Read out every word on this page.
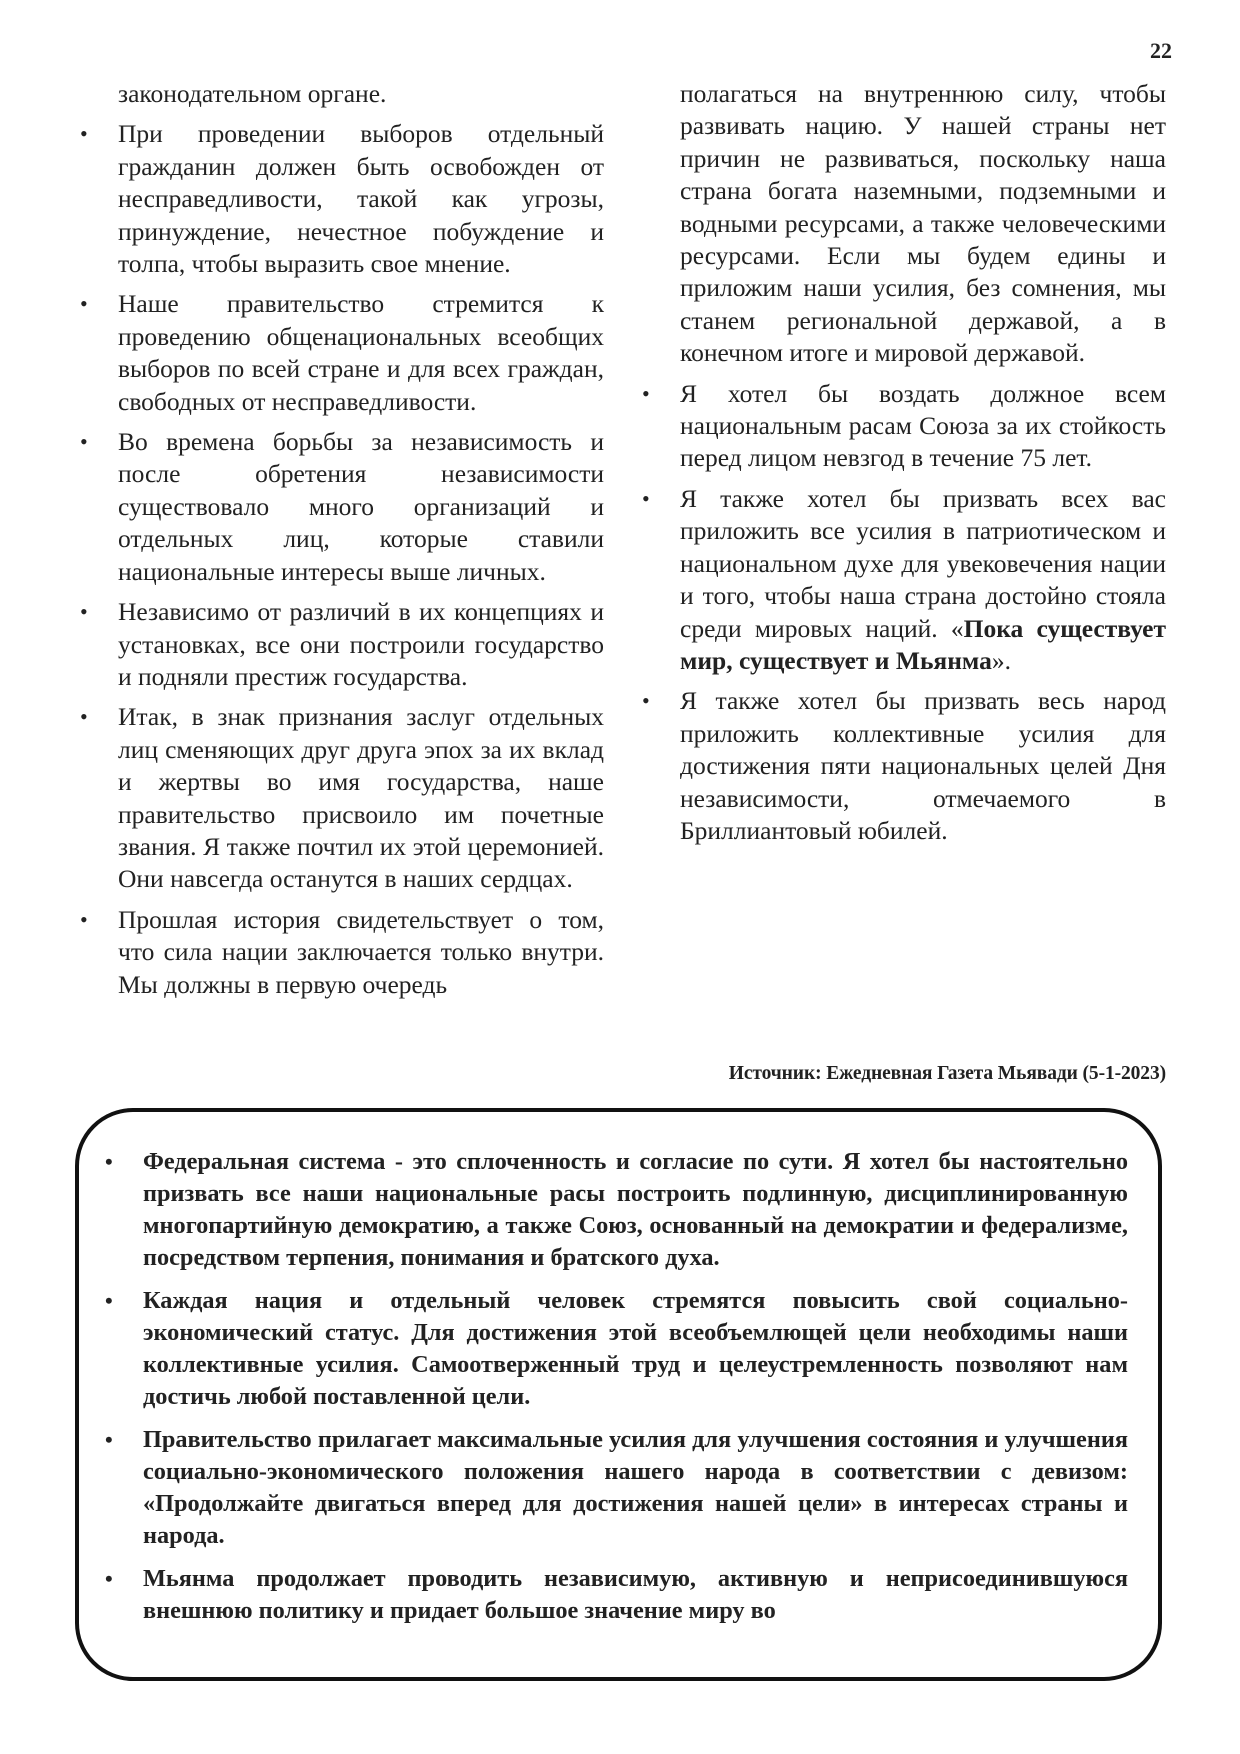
22

законодательном органе.

• При проведении выборов отдельный гражданин должен быть освобожден от несправедливости, такой как угрозы, принуждение, нечестное побуждение и толпа, чтобы выразить свое мнение.
• Наше правительство стремится к проведению общенациональных всеобщих выборов по всей стране и для всех граждан, свободных от несправедливости.
• Во времена борьбы за независимость и после обретения независимости существовало много организаций и отдельных лиц, которые ставили национальные интересы выше личных.
• Независимо от различий в их концепциях и установках, все они построили государство и подняли престиж государства.
• Итак, в знак признания заслуг отдельных лиц сменяющих друг друга эпох за их вклад и жертвы во имя государства, наше правительство присвоило им почетные звания. Я также почтил их этой церемонией. Они навсегда останутся в наших сердцах.
• Прошлая история свидетельствует о том, что сила нации заключается только внутри. Мы должны в первую очередь

полагаться на внутреннюю силу, чтобы развивать нацию. У нашей страны нет причин не развиваться, поскольку наша страна богата наземными, подземными и водными ресурсами, а также человеческими ресурсами. Если мы будем едины и приложим наши усилия, без сомнения, мы станем региональной державой, а в конечном итоге и мировой державой.

• Я хотел бы воздать должное всем национальным расам Союза за их стойкость перед лицом невзгод в течение 75 лет.
• Я также хотел бы призвать всех вас приложить все усилия в патриотическом и национальном духе для увековечения нации и того, чтобы наша страна достойно стояла среди мировых наций. «Пока существует мир, существует и Мьянма».
• Я также хотел бы призвать весь народ приложить коллективные усилия для достижения пяти национальных целей Дня независимости, отмечаемого в Бриллиантовый юбилей.
Источник: Ежедневная Газета Мьявади (5-1-2023)
• Федеральная система - это сплоченность и согласие по сути. Я хотел бы настоятельно призвать все наши национальные расы построить подлинную, дисциплинированную многопартийную демократию, а также Союз, основанный на демократии и федерализме, посредством терпения, понимания и братского духа.
• Каждая нация и отдельный человек стремятся повысить свой социально-экономический статус. Для достижения этой всеобъемлющей цели необходимы наши коллективные усилия. Самоотверженный труд и целеустремленность позволяют нам достичь любой поставленной цели.
• Правительство прилагает максимальные усилия для улучшения состояния и улучшения социально-экономического положения нашего народа в соответствии с девизом: «Продолжайте двигаться вперед для достижения нашей цели» в интересах страны и народа.
• Мьянма продолжает проводить независимую, активную и неприсоединившуюся внешнюю политику и придает большое значение миру во
